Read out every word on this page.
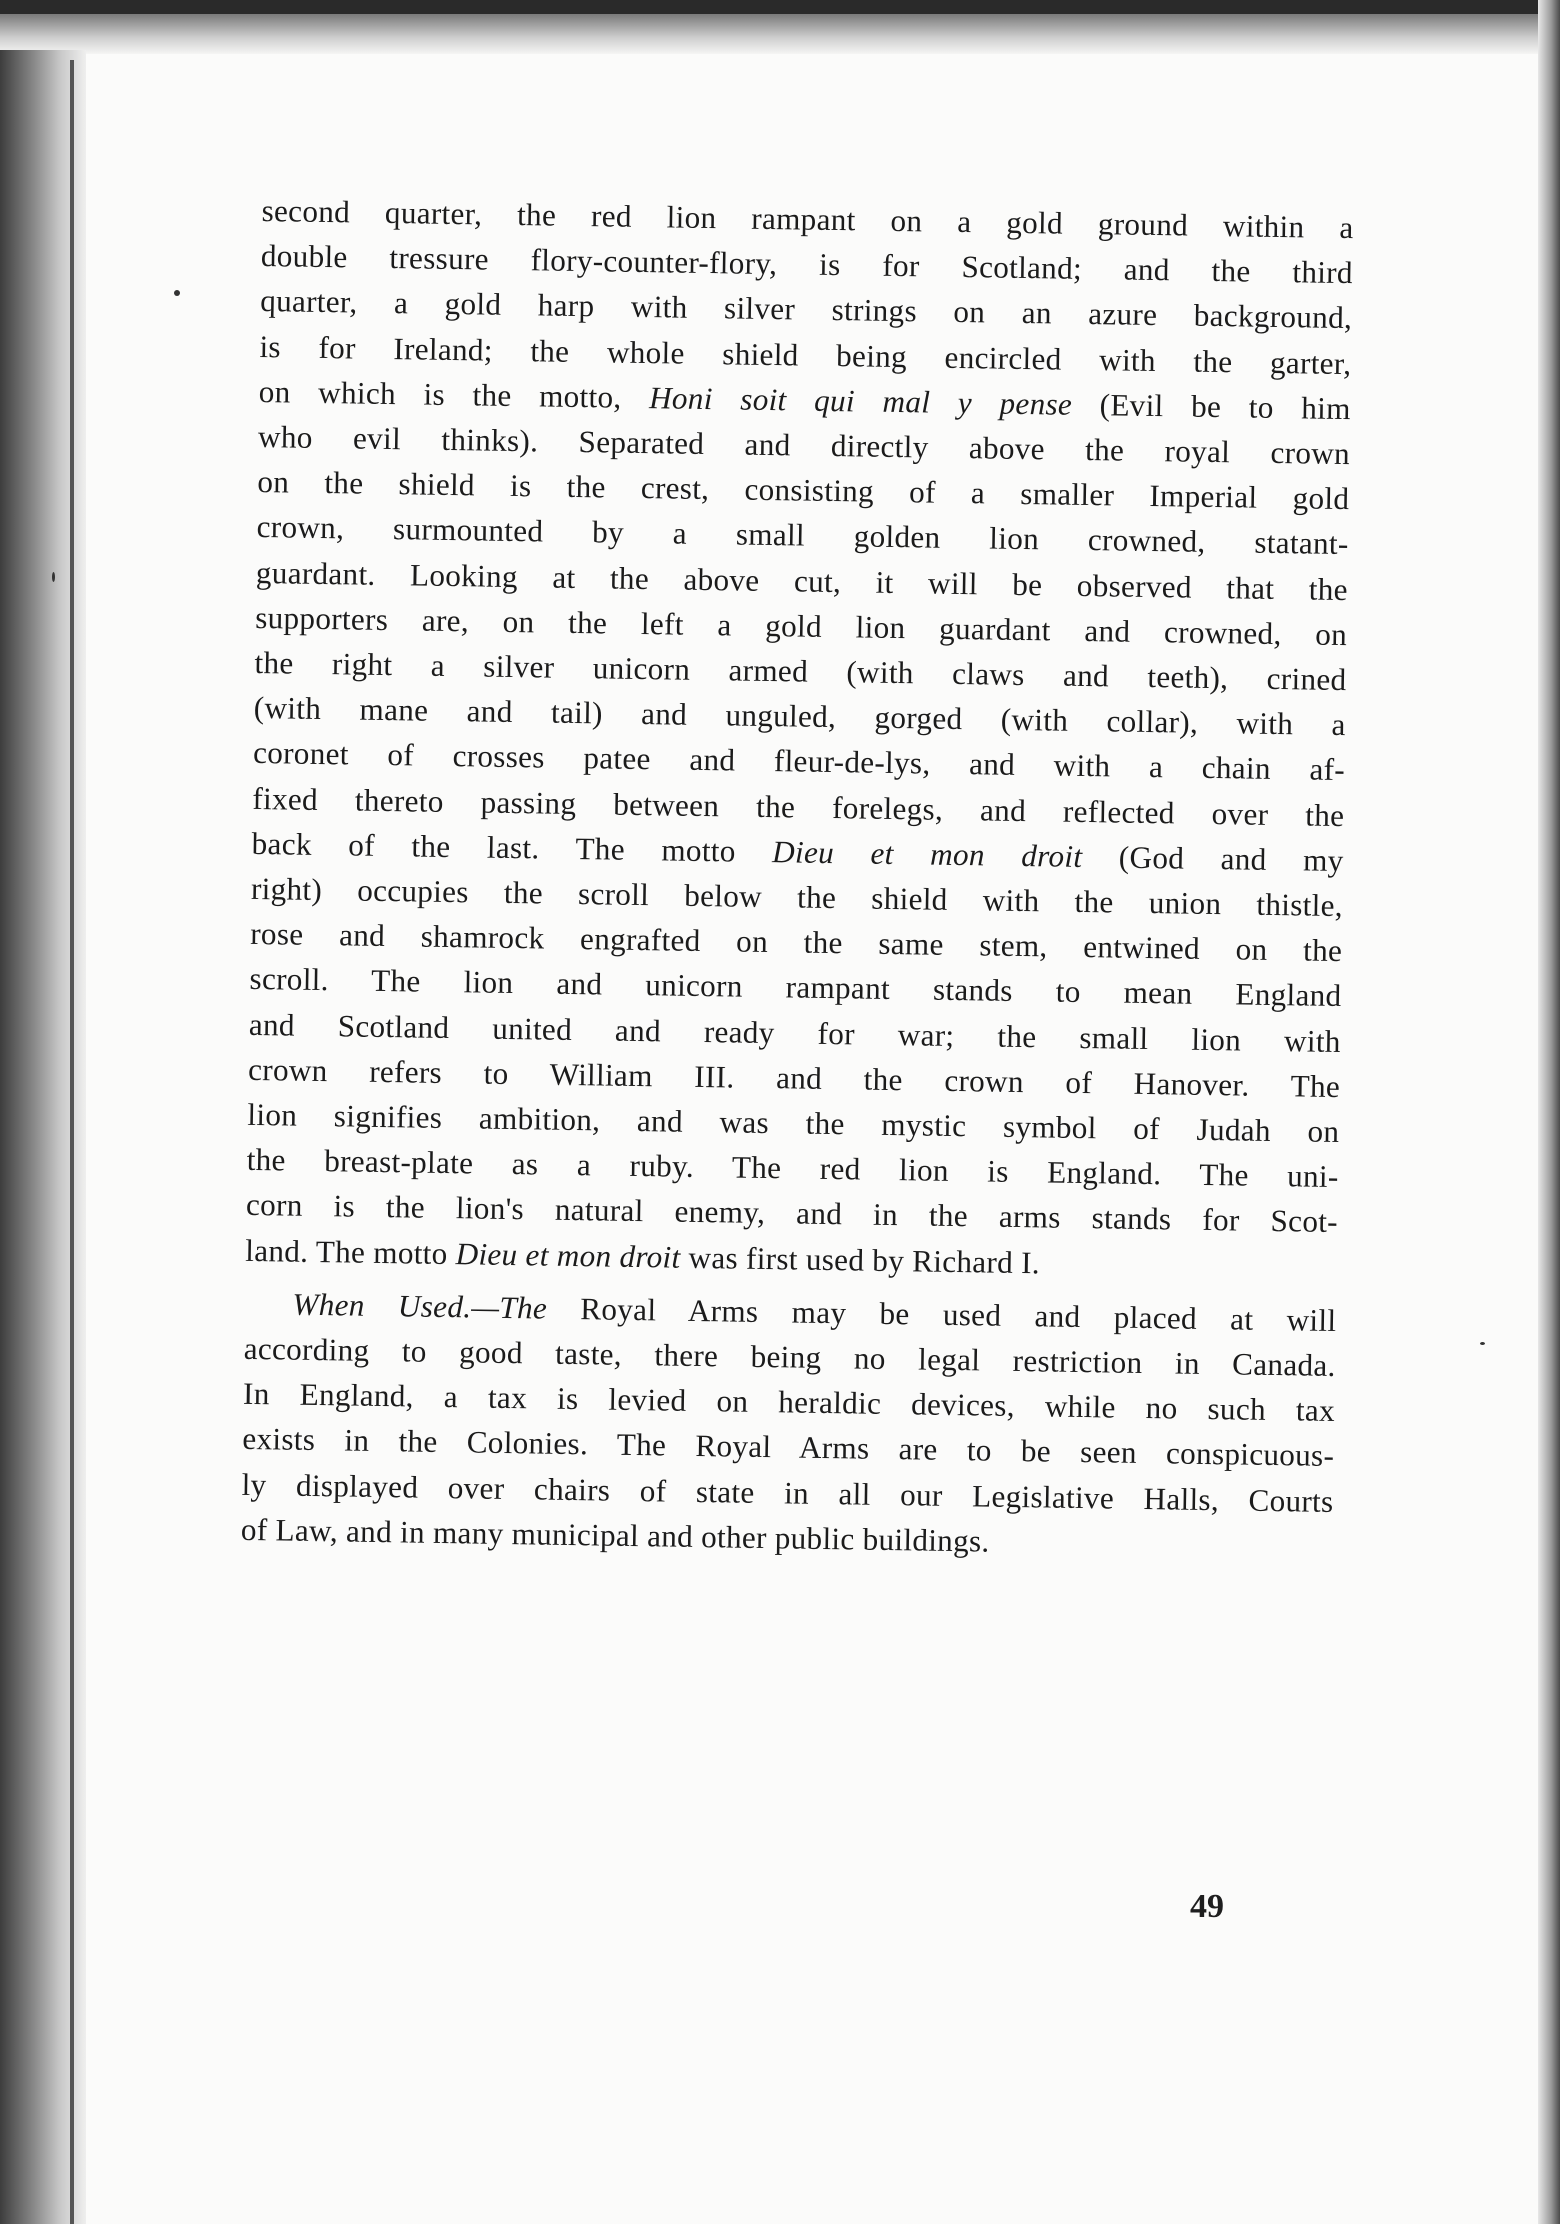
second quarter, the red lion rampant on a gold ground within a
double tressure flory-counter-flory, is for Scotland; and the third
quarter, a gold harp with silver strings on an azure background,
is for Ireland; the whole shield being encircled with the garter,
on which is the motto, Honi soit qui mal y pense (Evil be to him
who evil thinks). Separated and directly above the royal crown
on the shield is the crest, consisting of a smaller Imperial gold
crown, surmounted by a small golden lion crowned, statant-
guardant. Looking at the above cut, it will be observed that the
supporters are, on the left a gold lion guardant and crowned, on
the right a silver unicorn armed (with claws and teeth), crined
(with mane and tail) and unguled, gorged (with collar), with a
coronet of crosses patee and fleur-de-lys, and with a chain af-
fixed thereto passing between the forelegs, and reflected over the
back of the last. The motto Dieu et mon droit (God and my
right) occupies the scroll below the shield with the union thistle,
rose and shamrock engrafted on the same stem, entwined on the
scroll. The lion and unicorn rampant stands to mean England
and Scotland united and ready for war; the small lion with
crown refers to William III. and the crown of Hanover. The
lion signifies ambition, and was the mystic symbol of Judah on
the breast-plate as a ruby. The red lion is England. The uni-
corn is the lion's natural enemy, and in the arms stands for Scot-
land. The motto Dieu et mon droit was first used by Richard I.

When Used.—The Royal Arms may be used and placed at will
according to good taste, there being no legal restriction in Canada.
In England, a tax is levied on heraldic devices, while no such tax
exists in the Colonies. The Royal Arms are to be seen conspicuous-
ly displayed over chairs of state in all our Legislative Halls, Courts
of Law, and in many municipal and other public buildings.

49
